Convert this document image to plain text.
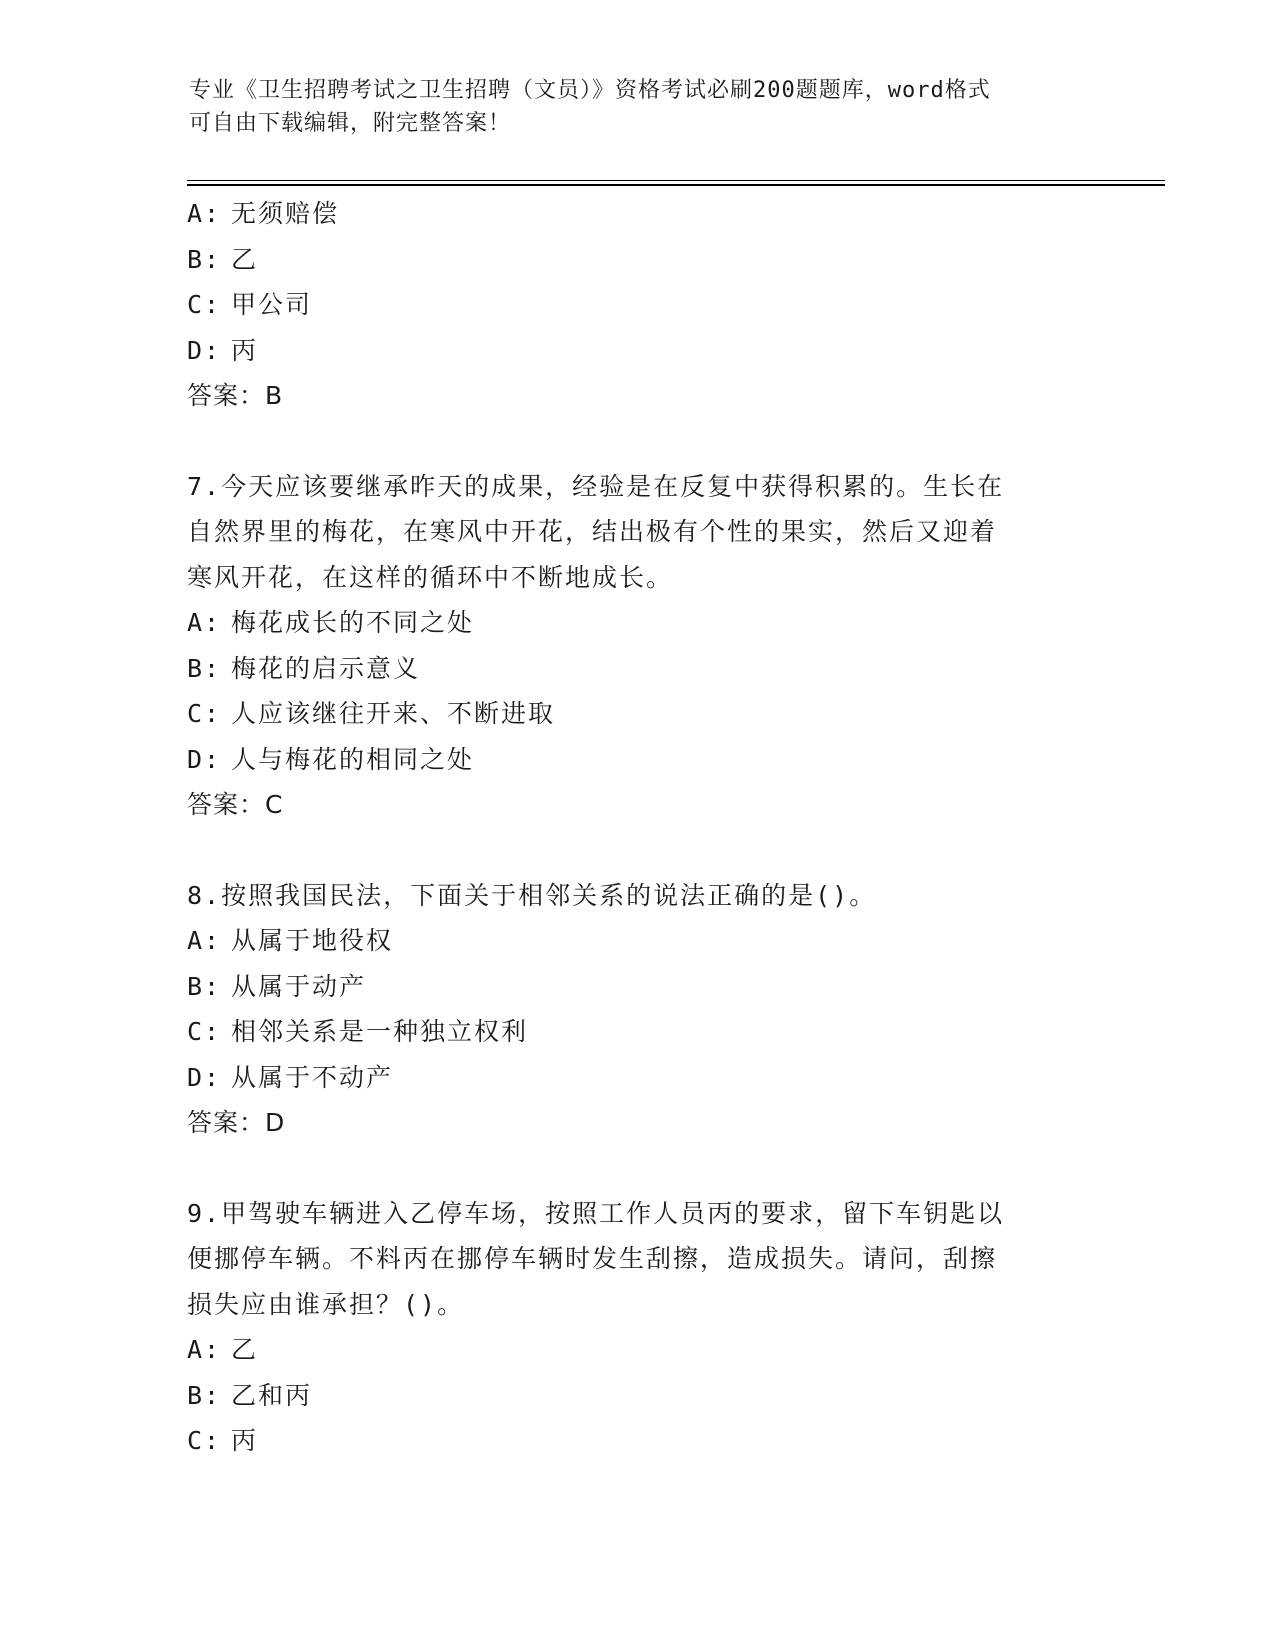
专业《卫生招聘考试之卫生招聘（文员）》资格考试必刷200题题库，word格式
可自由下载编辑，附完整答案！
A: 无须赔偿
B: 乙
C: 甲公司
D: 丙
答案：B
7.今天应该要继承昨天的成果，经验是在反复中获得积累的。生长在
自然界里的梅花，在寒风中开花，结出极有个性的果实，然后又迎着
寒风开花，在这样的循环中不断地成长。
A: 梅花成长的不同之处
B: 梅花的启示意义
C: 人应该继往开来、不断进取
D: 人与梅花的相同之处
答案：C
8.按照我国民法，下面关于相邻关系的说法正确的是()。
A: 从属于地役权
B: 从属于动产
C: 相邻关系是一种独立权利
D: 从属于不动产
答案：D
9.甲驾驶车辆进入乙停车场，按照工作人员丙的要求，留下车钥匙以
便挪停车辆。不料丙在挪停车辆时发生刮擦，造成损失。请问，刮擦
损失应由谁承担？()。
A: 乙
B: 乙和丙
C: 丙
